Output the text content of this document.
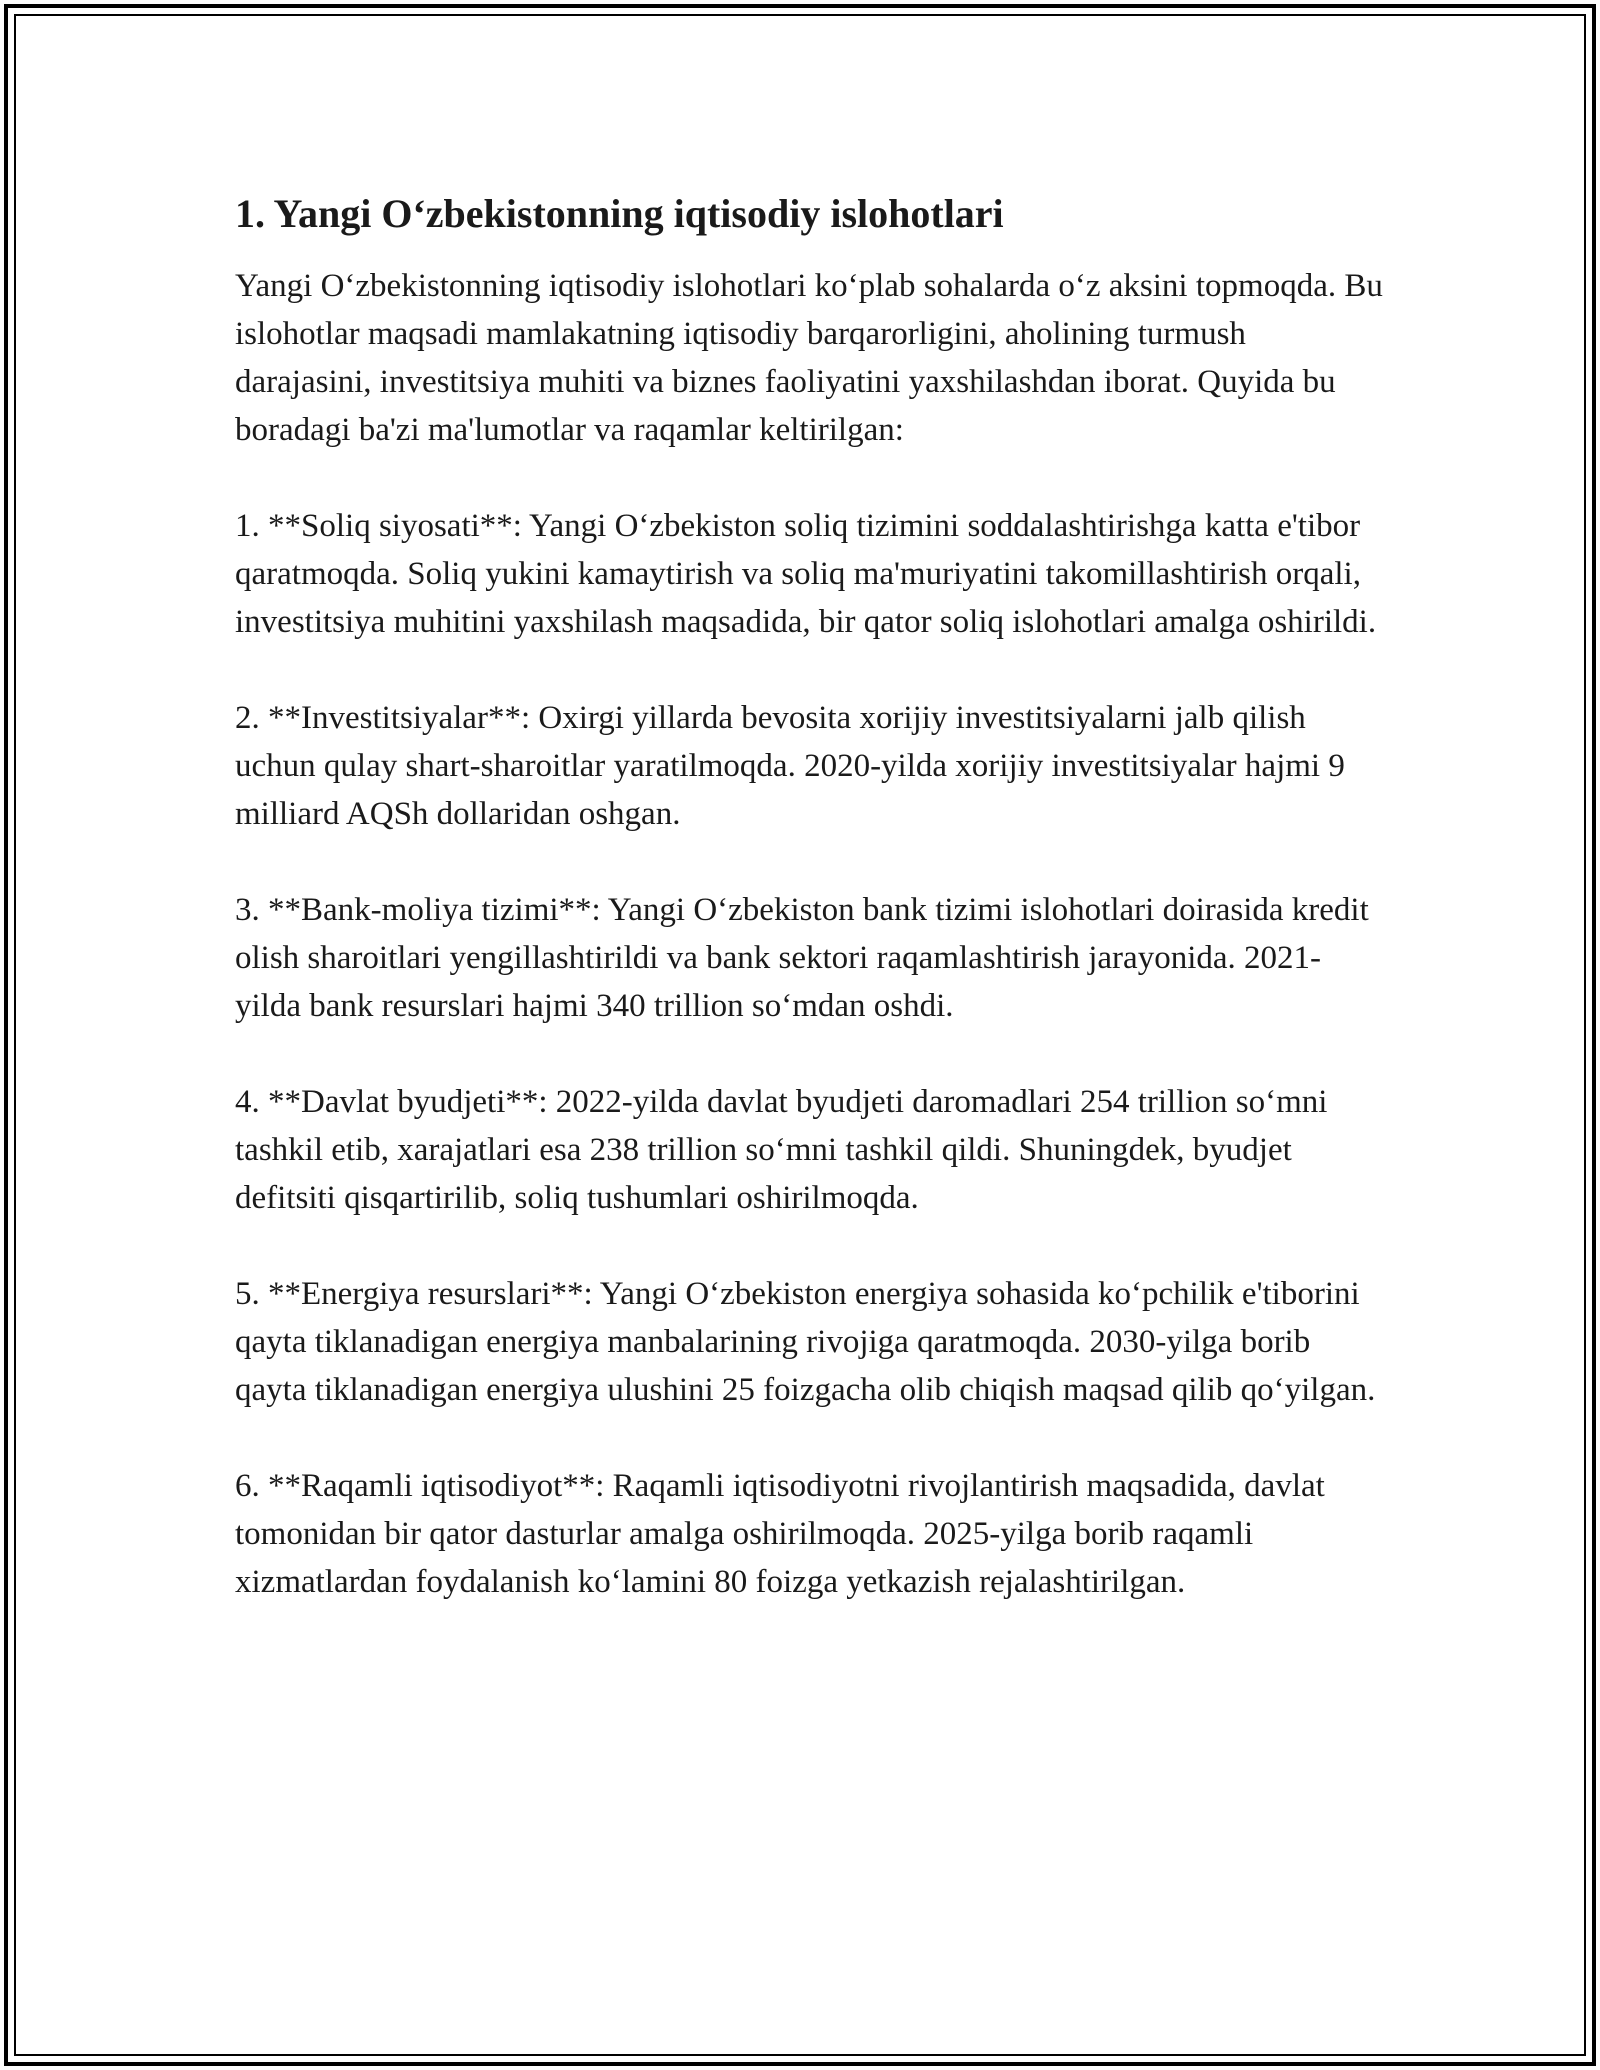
1. Yangi O‘zbekistonning iqtisodiy islohotlari

Yangi O‘zbekistonning iqtisodiy islohotlari ko‘plab sohalarda o‘z aksini topmoqda. Bu islohotlar maqsadi mamlakatning iqtisodiy barqarorligini, aholining turmush darajasini, investitsiya muhiti va biznes faoliyatini yaxshilashdan iborat. Quyida bu boradagi ba'zi ma'lumotlar va raqamlar keltirilgan:

1. **Soliq siyosati**: Yangi O‘zbekiston soliq tizimini soddalashtirishga katta e'tibor qaratmoqda. Soliq yukini kamaytirish va soliq ma'muriyatini takomillashtirish orqali, investitsiya muhitini yaxshilash maqsadida, bir qator soliq islohotlari amalga oshirildi.

2. **Investitsiyalar**: Oxirgi yillarda bevosita xorijiy investitsiyalarni jalb qilish uchun qulay shart-sharoitlar yaratilmoqda. 2020-yilda xorijiy investitsiyalar hajmi 9 milliard AQSh dollaridan oshgan.

3. **Bank-moliya tizimi**: Yangi O‘zbekiston bank tizimi islohotlari doirasida kredit olish sharoitlari yengillashtirildi va bank sektori raqamlashtirish jarayonida. 2021-yilda bank resurslari hajmi 340 trillion so‘mdan oshdi.

4. **Davlat byudjeti**: 2022-yilda davlat byudjeti daromadlari 254 trillion so‘mni tashkil etib, xarajatlari esa 238 trillion so‘mni tashkil qildi. Shuningdek, byudjet defitsiti qisqartirilib, soliq tushumlari oshirilmoqda.

5. **Energiya resurslari**: Yangi O‘zbekiston energiya sohasida ko‘pchilik e'tiborini qayta tiklanadigan energiya manbalarining rivojiga qaratmoqda. 2030-yilga borib qayta tiklanadigan energiya ulushini 25 foizgacha olib chiqish maqsad qilib qo‘yilgan.

6. **Raqamli iqtisodiyot**: Raqamli iqtisodiyotni rivojlantirish maqsadida, davlat tomonidan bir qator dasturlar amalga oshirilmoqda. 2025-yilga borib raqamli xizmatlardan foydalanish ko‘lamini 80 foizga yetkazish rejalashtirilgan.
